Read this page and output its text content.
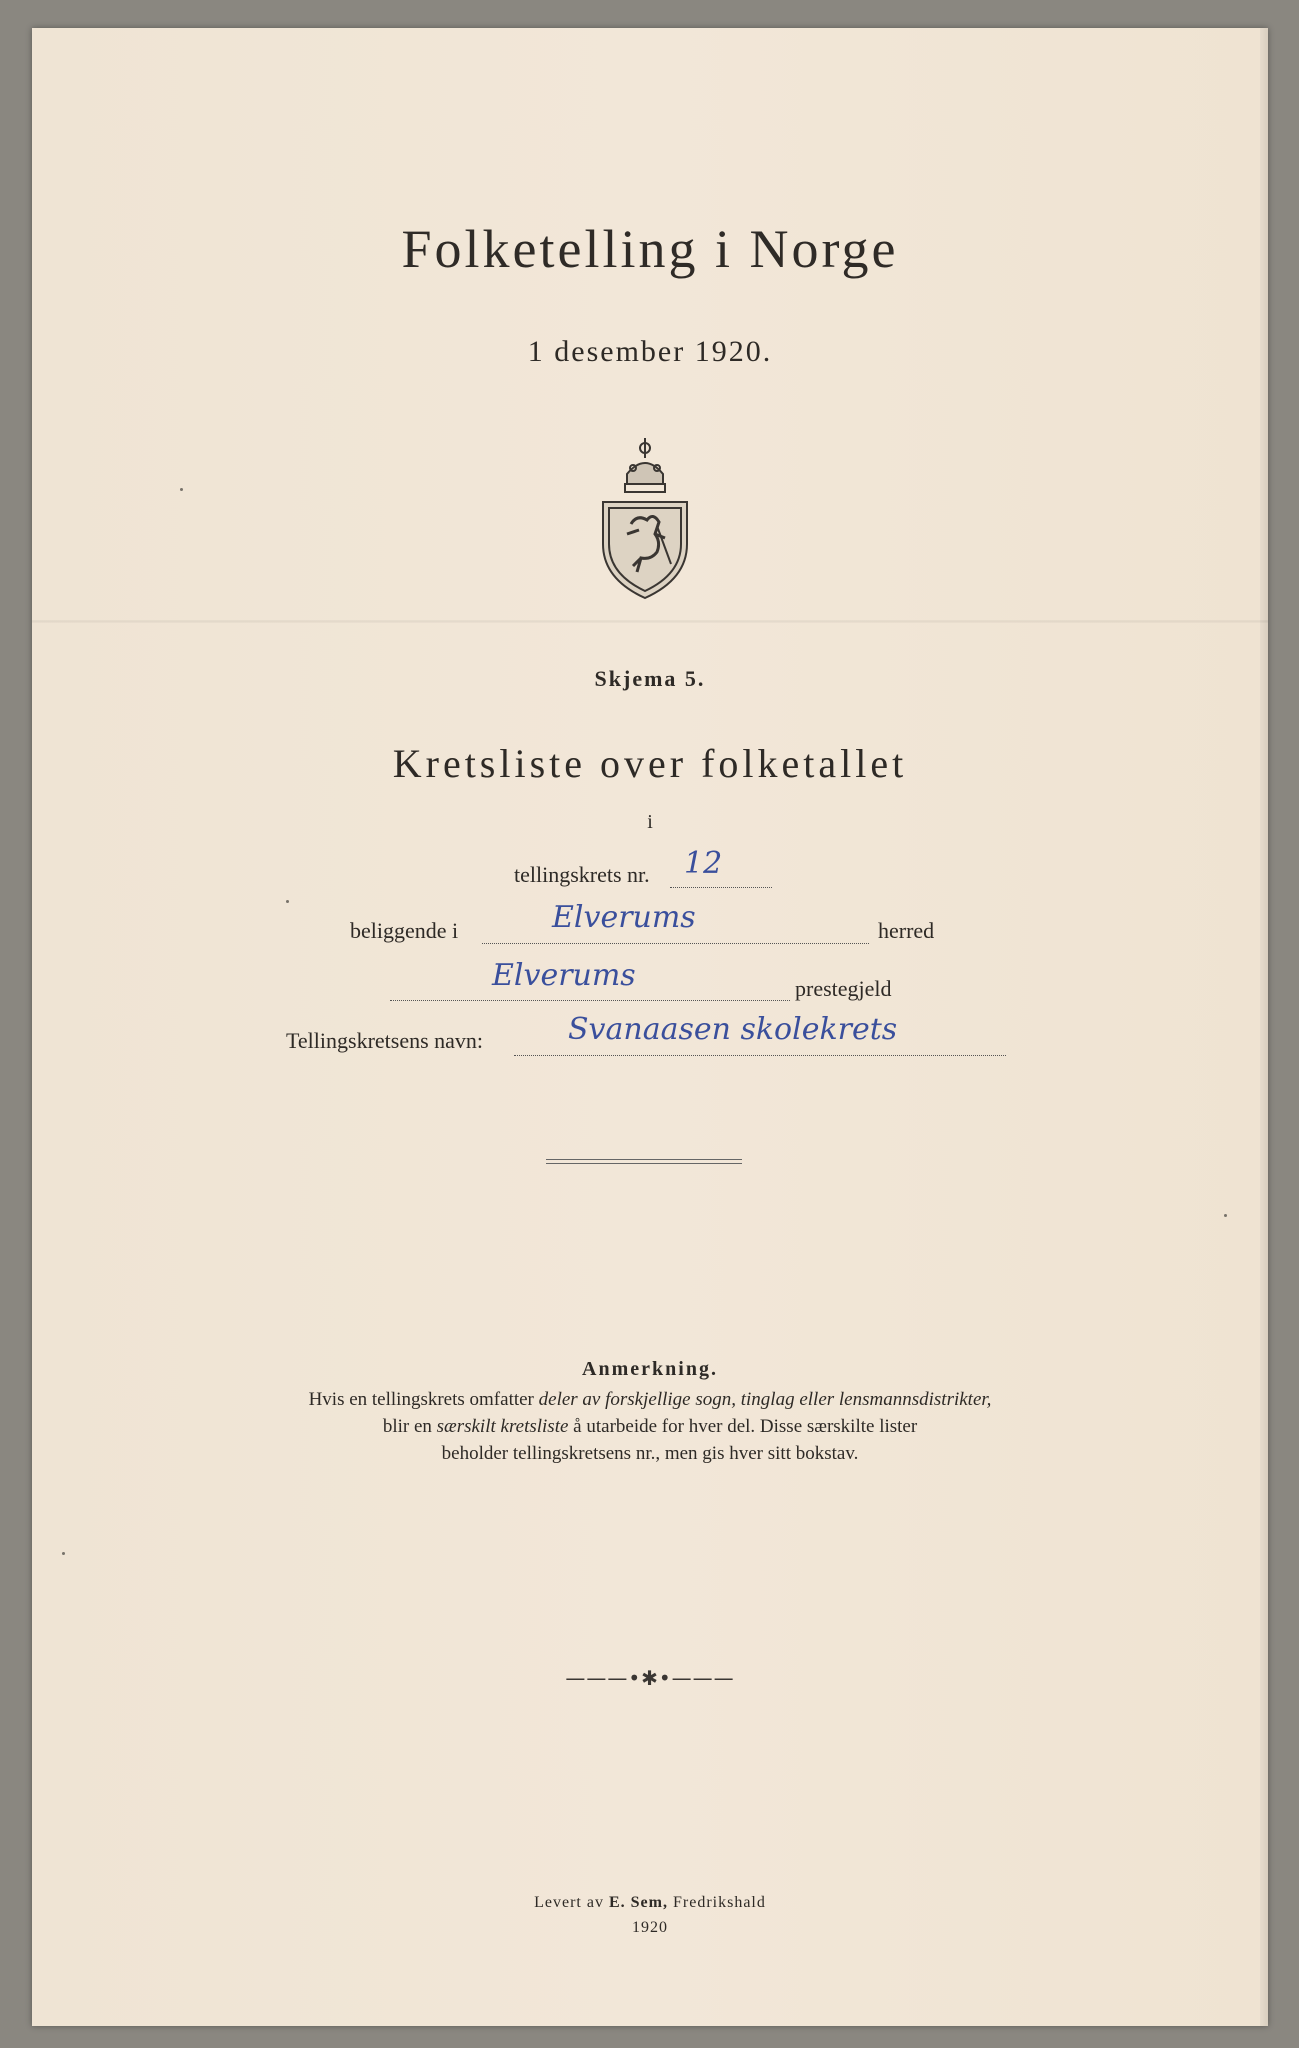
Folketelling i Norge
1 desember 1920.
Skjema 5.
Kretsliste over folketallet
i
tellingskrets nr. 12
beliggende i	Elverums	herred
Elverums	prestegjeld
Tellingskretsens navn:	Svanaasen skolekrets
Anmerkning.
Hvis en tellingskrets omfatter deler av forskjellige sogn, tinglag eller lensmannsdistrikter,
blir en særskilt kretsliste å utarbeide for hver del. Disse særskilte lister
beholder tellingskretsens nr., men gis hver sitt bokstav.
———•✱•———
Levert av E. Sem, Fredrikshald
1920
